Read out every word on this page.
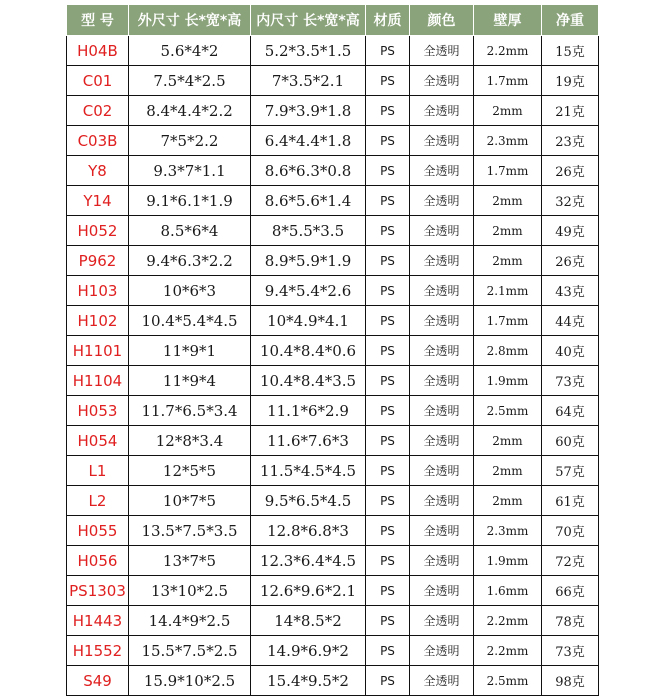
型 号	外尺寸 长*宽*高	内尺寸 长*宽*高	材质	颜色	壁厚	净重
H04B	5.6*4*2	5.2*3.5*1.5	PS	全透明	2.2mm	15克
C01	7.5*4*2.5	7*3.5*2.1	PS	全透明	1.7mm	19克
C02	8.4*4.4*2.2	7.9*3.9*1.8	PS	全透明	2mm	21克
C03B	7*5*2.2	6.4*4.4*1.8	PS	全透明	2.3mm	23克
Y8	9.3*7*1.1	8.6*6.3*0.8	PS	全透明	1.7mm	26克
Y14	9.1*6.1*1.9	8.6*5.6*1.4	PS	全透明	2mm	32克
H052	8.5*6*4	8*5.5*3.5	PS	全透明	2mm	49克
P962	9.4*6.3*2.2	8.9*5.9*1.9	PS	全透明	2mm	26克
H103	10*6*3	9.4*5.4*2.6	PS	全透明	2.1mm	43克
H102	10.4*5.4*4.5	10*4.9*4.1	PS	全透明	1.7mm	44克
H1101	11*9*1	10.4*8.4*0.6	PS	全透明	2.8mm	40克
H1104	11*9*4	10.4*8.4*3.5	PS	全透明	1.9mm	73克
H053	11.7*6.5*3.4	11.1*6*2.9	PS	全透明	2.5mm	64克
H054	12*8*3.4	11.6*7.6*3	PS	全透明	2mm	60克
L1	12*5*5	11.5*4.5*4.5	PS	全透明	2mm	57克
L2	10*7*5	9.5*6.5*4.5	PS	全透明	2mm	61克
H055	13.5*7.5*3.5	12.8*6.8*3	PS	全透明	2.3mm	70克
H056	13*7*5	12.3*6.4*4.5	PS	全透明	1.9mm	72克
PS1303	13*10*2.5	12.6*9.6*2.1	PS	全透明	1.6mm	66克
H1443	14.4*9*2.5	14*8.5*2	PS	全透明	2.2mm	78克
H1552	15.5*7.5*2.5	14.9*6.9*2	PS	全透明	2.2mm	73克
S49	15.9*10*2.5	15.4*9.5*2	PS	全透明	2.5mm	98克
